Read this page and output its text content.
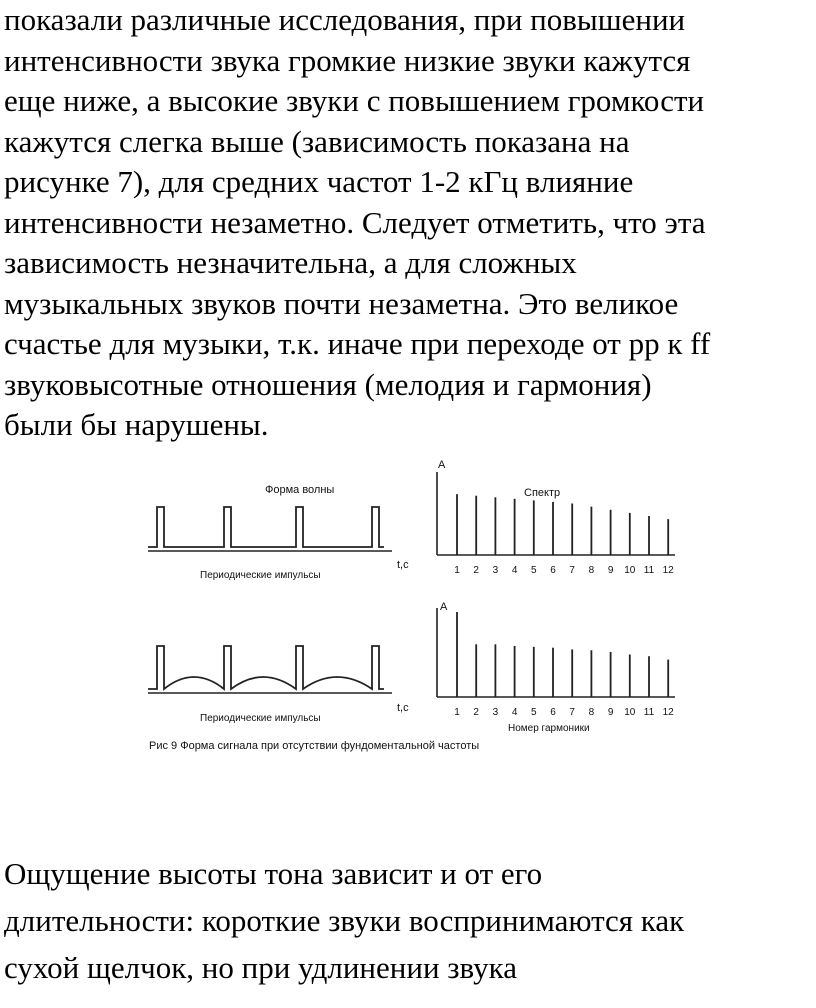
показали различные исследования, при повышении
интенсивности звука громкие низкие звуки кажутся
еще ниже, а высокие звуки с повышением громкости
кажутся слегка выше (зависимость показана на
рисунке 7), для средних частот 1-2 кГц влияние
интенсивности незаметно. Следует отметить, что эта
зависимость незначительна, а для сложных
музыкальных звуков почти незаметна. Это великое
счастье для музыки, т.к. иначе при переходе от pp к ff
звуковысотные отношения (мелодия и гармония)
были бы нарушены.
Форма волны
t,c
Периодические импульсы
А
Спектр
1 2 3 4 5 6 7 8 9 10 11 12
t,c
Периодические импульсы
А
Номер гармоники
1 2 3 4 5 6 7 8 9 10 11 12
Рис 9 Форма сигнала при отсутствии фундоментальной частоты
Ощущение высоты тона зависит и от его
длительности: короткие звуки воспринимаются как
сухой щелчок, но при удлинении звука
